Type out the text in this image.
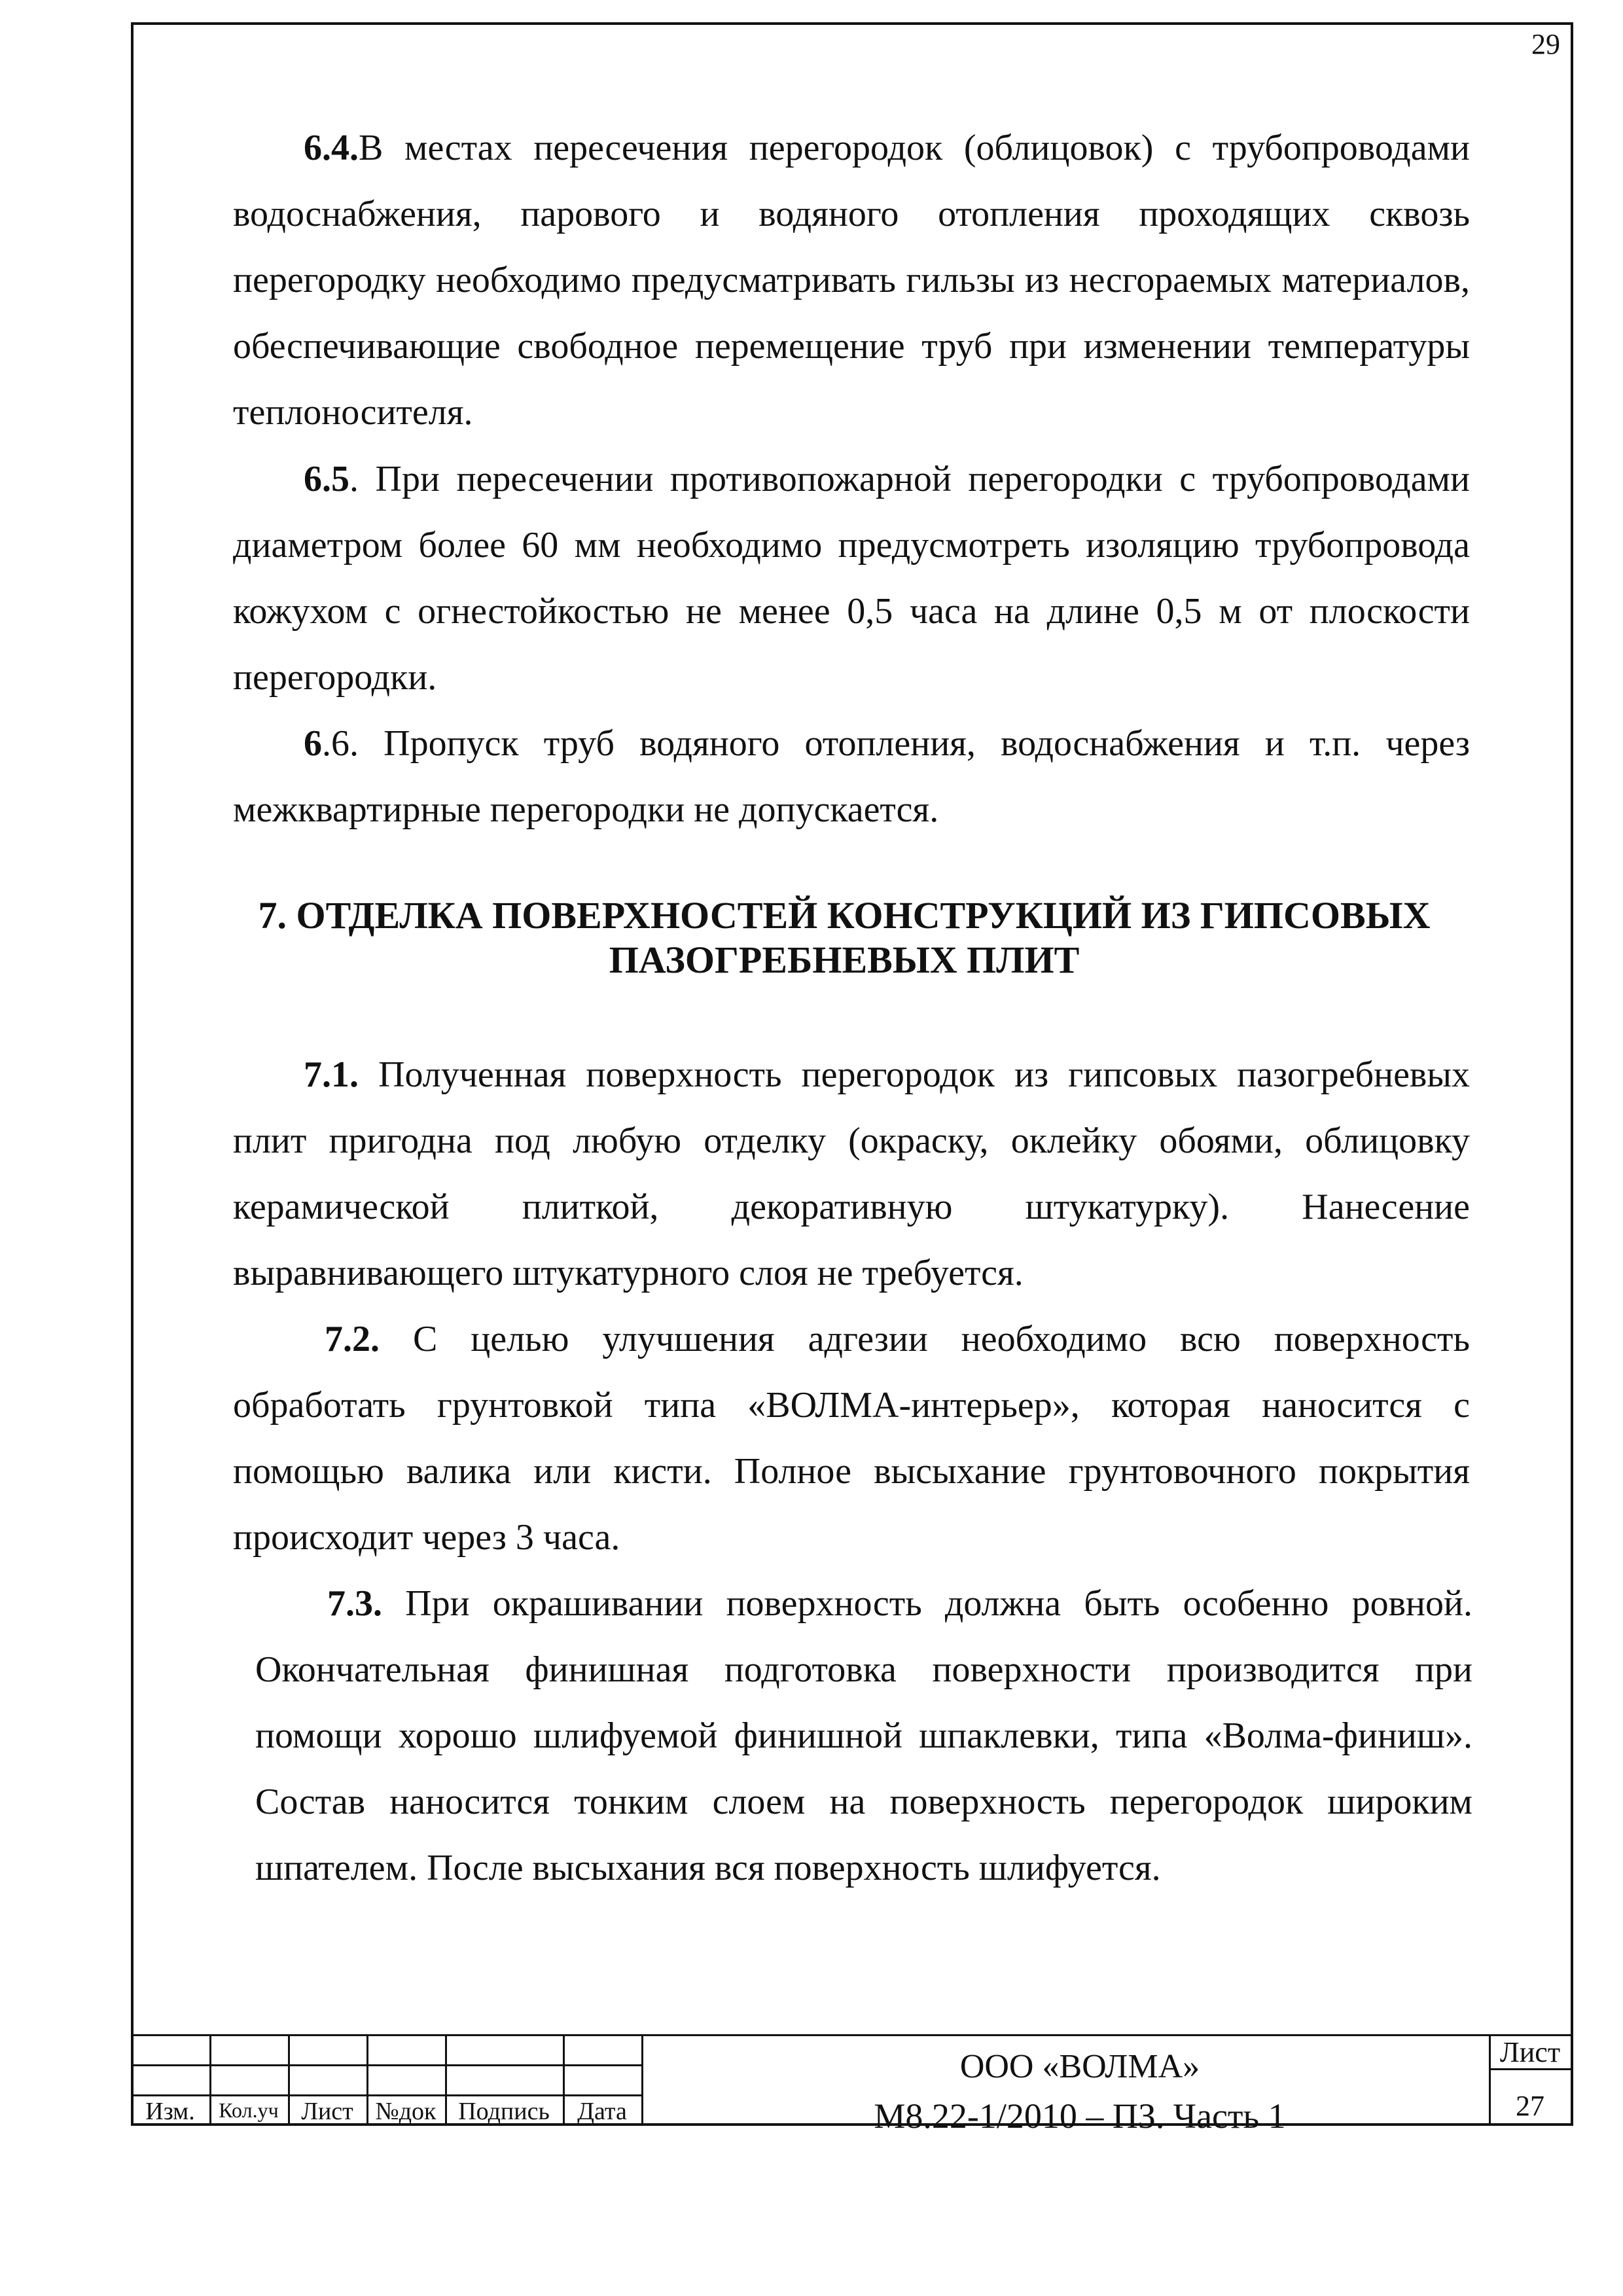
29

6.4.В местах пересечения перегородок (облицовок) с трубопроводами водоснабжения, парового и водяного отопления проходящих сквозь перегородку необходимо предусматривать гильзы из несгораемых материалов, обеспечивающие свободное перемещение труб при изменении температуры теплоносителя.

6.5. При пересечении противопожарной перегородки с трубопроводами диаметром более 60 мм необходимо предусмотреть изоляцию трубопровода кожухом с огнестойкостью не менее 0,5 часа на длине 0,5 м от плоскости перегородки.

6.6. Пропуск труб водяного отопления, водоснабжения и т.п. через межквартирные перегородки не допускается.

7. ОТДЕЛКА ПОВЕРХНОСТЕЙ КОНСТРУКЦИЙ ИЗ ГИПСОВЫХ
ПАЗОГРЕБНЕВЫХ ПЛИТ

7.1. Полученная поверхность перегородок из гипсовых пазогребневых плит пригодна под любую отделку (окраску, оклейку обоями, облицовку керамической плиткой, декоративную штукатурку). Нанесение выравнивающего штукатурного слоя не требуется.

7.2. С целью улучшения адгезии необходимо всю поверхность обработать грунтовкой типа «ВОЛМА-интерьер», которая наносится с помощью валика или кисти. Полное высыхание грунтовочного покрытия происходит через 3 часа.

7.3. При окрашивании поверхность должна быть особенно ровной. Окончательная финишная подготовка поверхности производится при помощи хорошо шлифуемой финишной шпаклевки, типа «Волма-финиш». Состав наносится тонким слоем на поверхность перегородок широким шпателем. После высыхания вся поверхность шлифуется.

Изм.	Кол.уч Лист №док Подпись	Дата
ООО «ВОЛМА»
М8.22-1/2010 – ПЗ. Часть 1
Лист
27
